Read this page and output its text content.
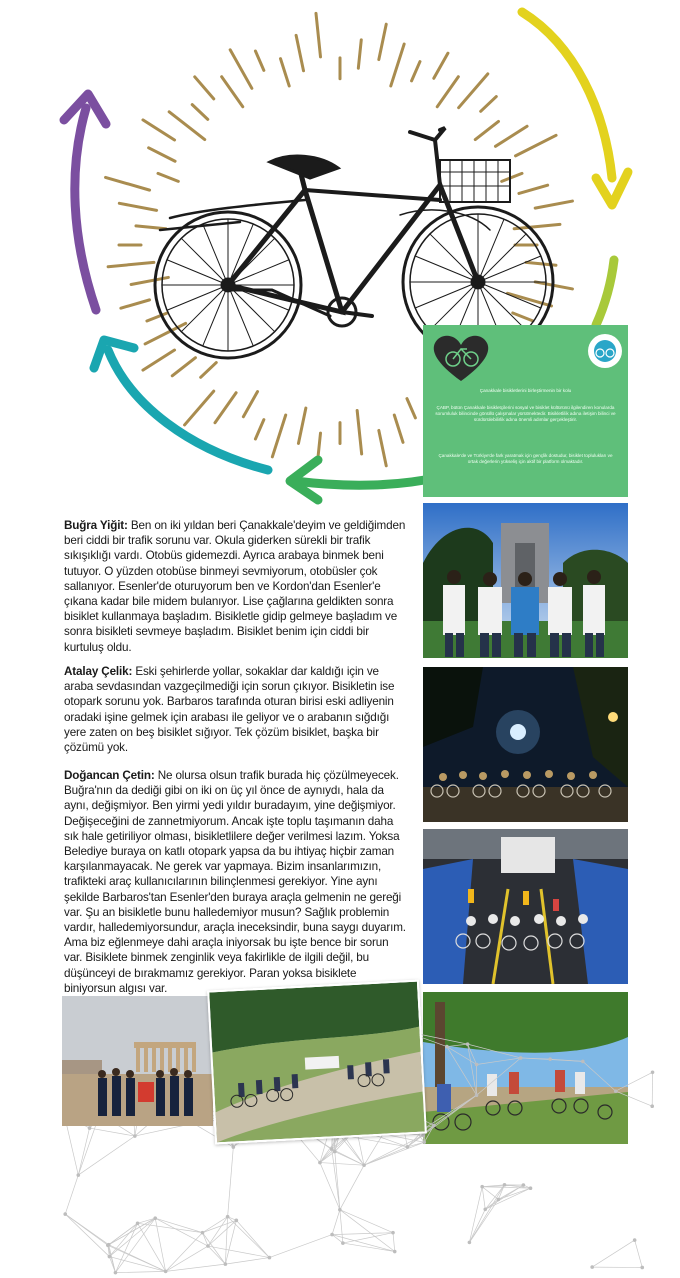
Çanakkale bisikletlerini birleştirmenin bir kolu
ÇABP, bütün Çanakkale bisikletçilerini sosyal ve bisiklet kültürünü ilgilendiren konularda sorumluluk bilincinde gönüllü çalışmalar yürütmektedir. Bisikletlilik adına iletişim bilinci ve sürdürülebilirlik adına önemli adımlar gerçekleştirir.
Çanakkale'de ve Türkiye'de fark yaratmak için gençlik dostudur, bisiklet toplulukları ve ortak değerlerin yükseliş için aktif bir platform olmaktadır.
Buğra Yiğit: Ben on iki yıldan beri Çanakkale'deyim ve geldiğimden beri ciddi bir trafik sorunu var. Okula giderken sürekli bir trafik sıkışıklığı vardı. Otobüs gidemezdi. Ayrıca arabaya binmek beni tutuyor. O yüzden otobüse binmeyi sevmiyorum, otobüsler çok sallanıyor. Esenler'de oturuyorum ben ve Kordon'dan Esenler'e çıkana kadar bile midem bulanıyor. Lise çağlarına geldikten sonra bisiklet kullanmaya başladım. Bisikletle gidip gelmeye başladım ve sonra bisikleti sevmeye başladım. Bisiklet benim için ciddi bir kurtuluş oldu.
Atalay Çelik: Eski şehirlerde yollar, sokaklar dar kaldığı için ve araba sevdasından vazgeçilmediği için sorun çıkıyor. Bisikletin ise otopark sorunu yok. Barbaros tarafında oturan birisi eski adliyenin oradaki işine gelmek için arabası ile geliyor ve o arabanın sığdığı yere zaten on beş bisiklet sığıyor. Tek çözüm bisiklet, başka bir çözümü yok.
Doğancan Çetin: Ne olursa olsun trafik burada hiç çözülmeyecek. Buğra'nın da dediği gibi on iki on üç yıl önce de aynıydı, hala da aynı, değişmiyor. Ben yirmi yedi yıldır buradayım, yine değişmiyor. Değişeceğini de zannetmiyorum. Ancak işte toplu taşımanın daha sık hale getiriliyor olması, bisikletlilere değer verilmesi lazım. Yoksa Belediye buraya on katlı otopark yapsa da bu ihtiyaç hiçbir zaman karşılanmayacak. Ne gerek var yapmaya. Bizim insanlarımızın, trafikteki araç kullanıcılarının bilinçlenmesi gerekiyor. Yine aynı şekilde Barbaros'tan Esenler'den buraya araçla gelmenin ne gereği var. Şu an bisikletle bunu halledemiyor musun? Sağlık problemin vardır, halledemiyorsundur, araçla ineceksindir, buna saygı duyarım. Ama biz eğlenmeye dahi araçla iniyorsak bu işte bence bir sorun var. Bisiklete binmek zenginlik veya fakirlikle de ilgili değil, bu düşünceyi de bırakmamız gerekiyor. Paran yoksa bisiklete biniyorsun algısı var.
